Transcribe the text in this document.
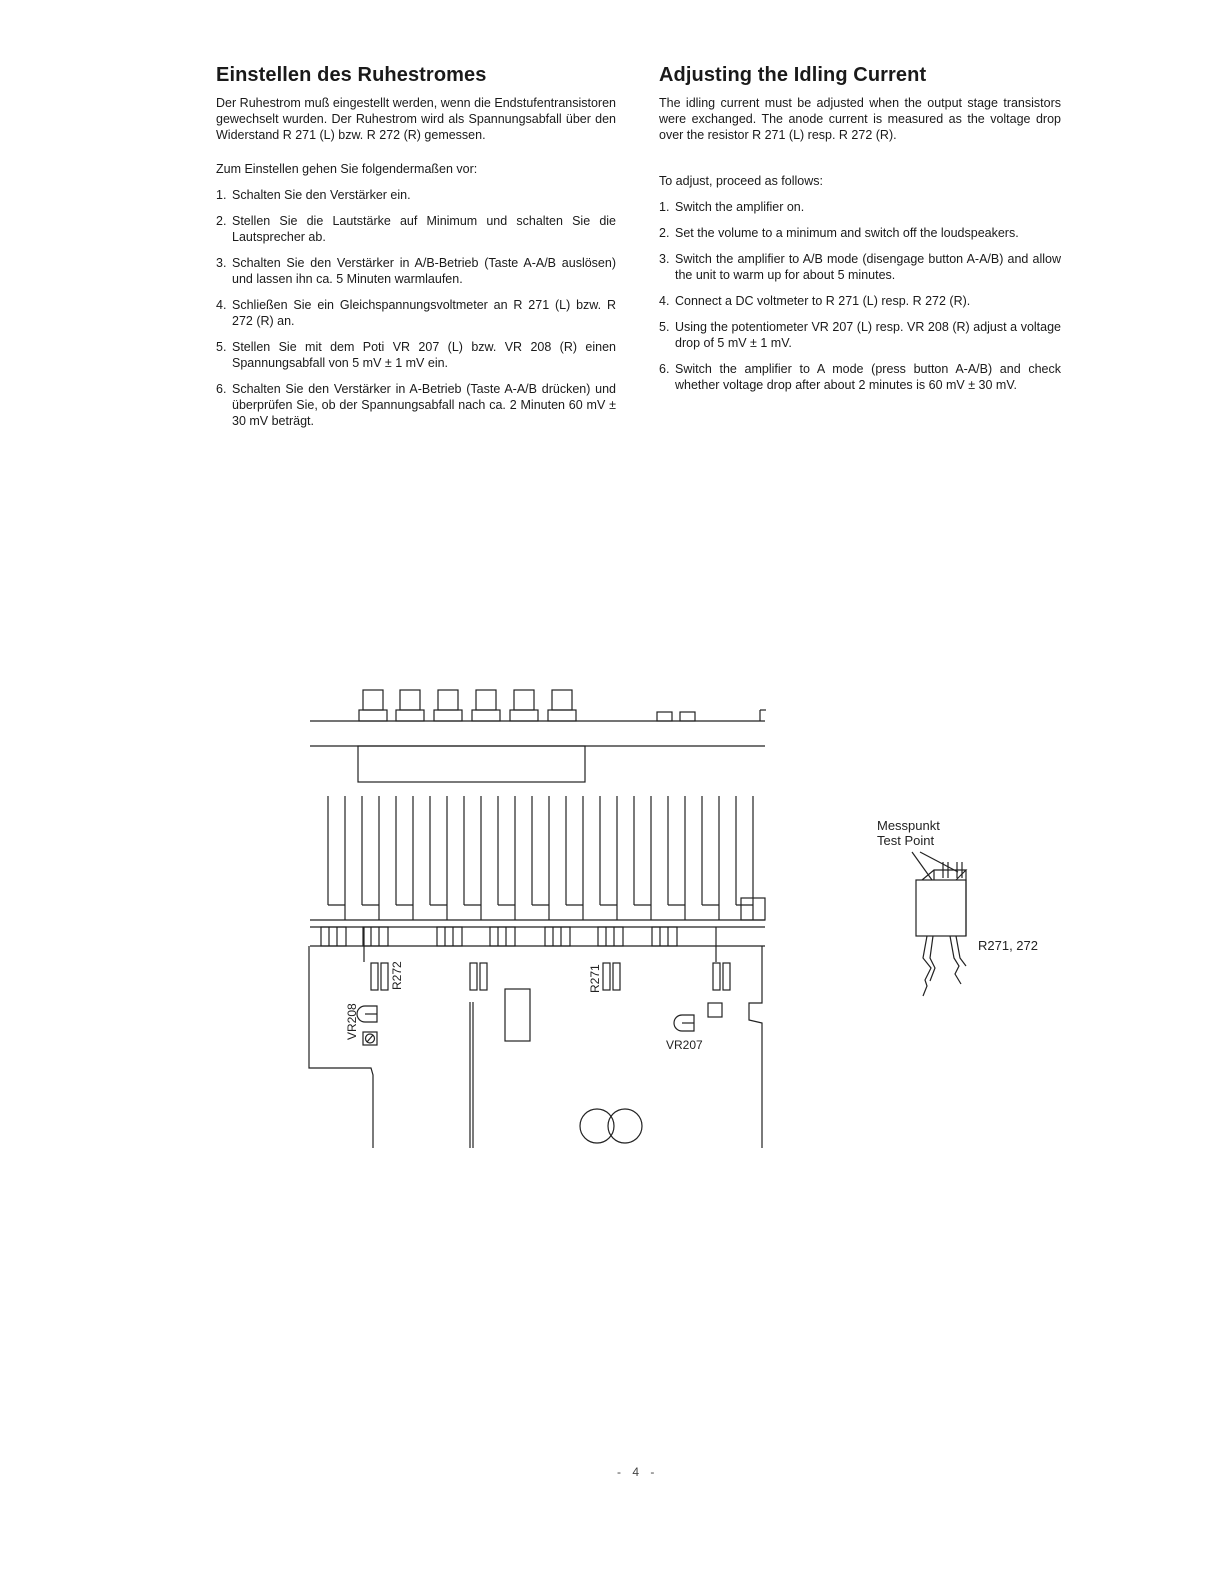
Einstellen des Ruhestromes

Der Ruhestrom muß eingestellt werden, wenn die Endstufentransistoren gewechselt wurden. Der Ruhestrom wird als Spannungsabfall über den Widerstand R 271 (L) bzw. R 272 (R) gemessen.

Zum Einstellen gehen Sie folgendermaßen vor:

1. Schalten Sie den Verstärker ein.
2. Stellen Sie die Lautstärke auf Minimum und schalten Sie die Lautsprecher ab.
3. Schalten Sie den Verstärker in A/B-Betrieb (Taste A-A/B auslösen) und lassen ihn ca. 5 Minuten warmlaufen.
4. Schließen Sie ein Gleichspannungsvoltmeter an R 271 (L) bzw. R 272 (R) an.
5. Stellen Sie mit dem Poti VR 207 (L) bzw. VR 208 (R) einen Spannungsabfall von 5 mV ± 1 mV ein.
6. Schalten Sie den Verstärker in A-Betrieb (Taste A-A/B drücken) und überprüfen Sie, ob der Spannungsabfall nach ca. 2 Minuten 60 mV ± 30 mV beträgt.
Adjusting the Idling Current

The idling current must be adjusted when the output stage transistors were exchanged. The anode current is measured as the voltage drop over the resistor R 271 (L) resp. R 272 (R).

To adjust, proceed as follows:

1. Switch the amplifier on.
2. Set the volume to a minimum and switch off the loudspeakers.
3. Switch the amplifier to A/B mode (disengage button A-A/B) and allow the unit to warm up for about 5 minutes.
4. Connect a DC voltmeter to R 271 (L) resp. R 272 (R).
5. Using the potentiometer VR 207 (L) resp. VR 208 (R) adjust a voltage drop of 5 mV ± 1 mV.
6. Switch the amplifier to A mode (press button A-A/B) and check whether voltage drop after about 2 minutes is 60 mV ± 30 mV.
VR208
R272	R271
VR207
Messpunkt
Test Point
R271, 272
- 4 -
